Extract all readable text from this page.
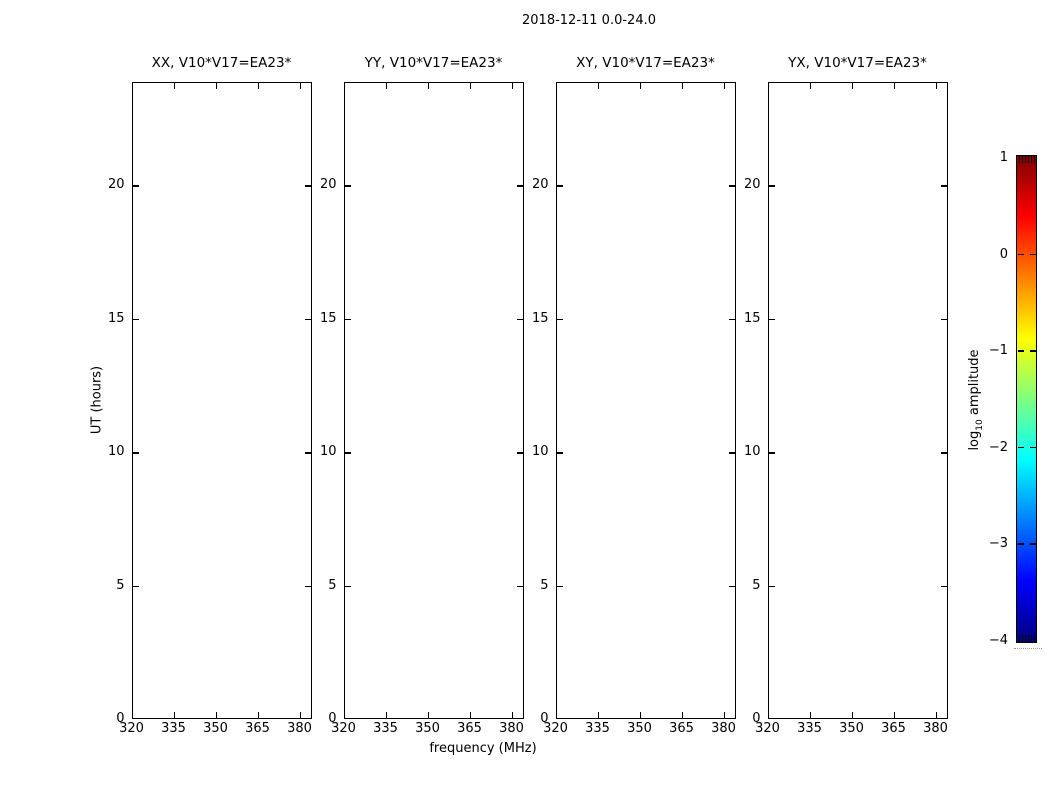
2018-12-11 0.0-24.0
XX, V10*V17=EA23*	YY, V10*V17=EA23*	XY, V10*V17=EA23*	YX, V10*V17=EA23*
frequency (MHz)
UT (hours)
$\log_{10}$ amplitude
320 335 350 365 380
0
5
10
15
20
320 335 350 365 380
0
5
10
15
20
320 335 350 365 380
0
5
10
15
20
320 335 350 365 380
0
5
10
15
20
1
0
−1
−2
−3
−4
